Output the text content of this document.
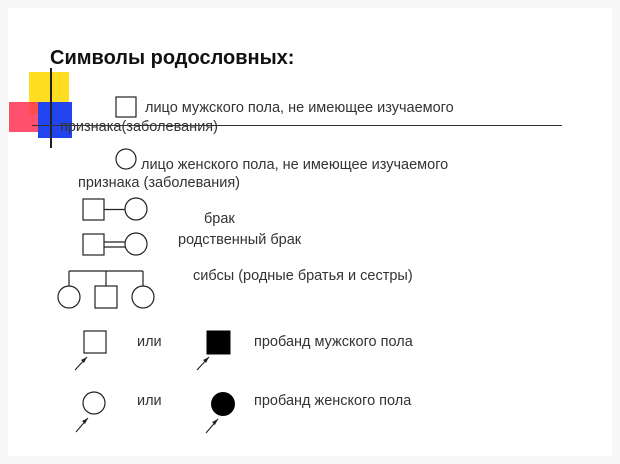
Символы родословных:
лицо мужского пола, не имеющее изучаемого
признака(заболевания)
лицо женского пола, не имеющее изучаемого
признака (заболевания)
брак
родственный брак
сибсы (родные братья и сестры)
или	пробанд мужского пола
или	пробанд женского пола
